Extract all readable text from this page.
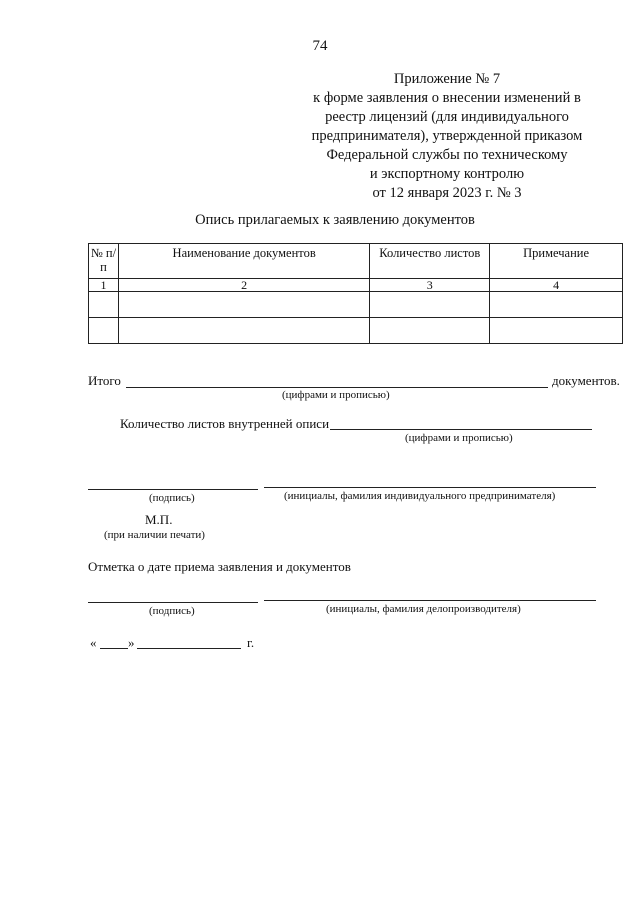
74
Приложение № 7
к форме заявления о внесении изменений в
реестр лицензий (для индивидуального
предпринимателя), утвержденной приказом
Федеральной службы по техническому
и экспортному контролю
от 12 января 2023 г. № 3
Опись прилагаемых к заявлению документов
№ п/п	Наименование документов	Количество листов	Примечание
1	2	3	4

Итого	документов.
(цифрами и прописью)
Количество листов внутренней описи
(цифрами и прописью)
(подпись)	(инициалы, фамилия индивидуального предпринимателя)
М.П.
(при наличии печати)
Отметка о дате приема заявления и документов
(подпись)	(инициалы, фамилия делопроизводителя)
« »	г.
